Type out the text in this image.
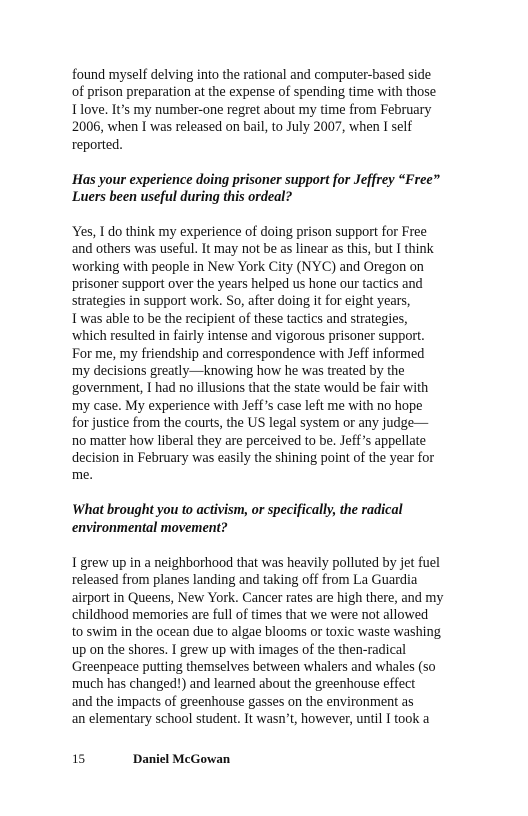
found myself delving into the rational and computer-based side
of prison preparation at the expense of spending time with those
I love. It’s my number-one regret about my time from February
2006, when I was released on bail, to July 2007, when I self
reported.
Has your experience doing prisoner support for Jeffrey “Free”
Luers been useful during this ordeal?
Yes, I do think my experience of doing prison support for Free
and others was useful. It may not be as linear as this, but I think
working with people in New York City (NYC) and Oregon on
prisoner support over the years helped us hone our tactics and
strategies in support work. So, after doing it for eight years,
I was able to be the recipient of these tactics and strategies,
which resulted in fairly intense and vigorous prisoner support.
For me, my friendship and correspondence with Jeff informed
my decisions greatly—knowing how he was treated by the
government, I had no illusions that the state would be fair with
my case. My experience with Jeff’s case left me with no hope
for justice from the courts, the US legal system or any judge—
no matter how liberal they are perceived to be. Jeff’s appellate
decision in February was easily the shining point of the year for
me.
What brought you to activism, or specifically, the radical
environmental movement?
I grew up in a neighborhood that was heavily polluted by jet fuel
released from planes landing and taking off from La Guardia
airport in Queens, New York. Cancer rates are high there, and my
childhood memories are full of times that we were not allowed
to swim in the ocean due to algae blooms or toxic waste washing
up on the shores. I grew up with images of the then-radical
Greenpeace putting themselves between whalers and whales (so
much has changed!) and learned about the greenhouse effect
and the impacts of greenhouse gasses on the environment as
an elementary school student. It wasn’t, however, until I took a
15	Daniel McGowan
